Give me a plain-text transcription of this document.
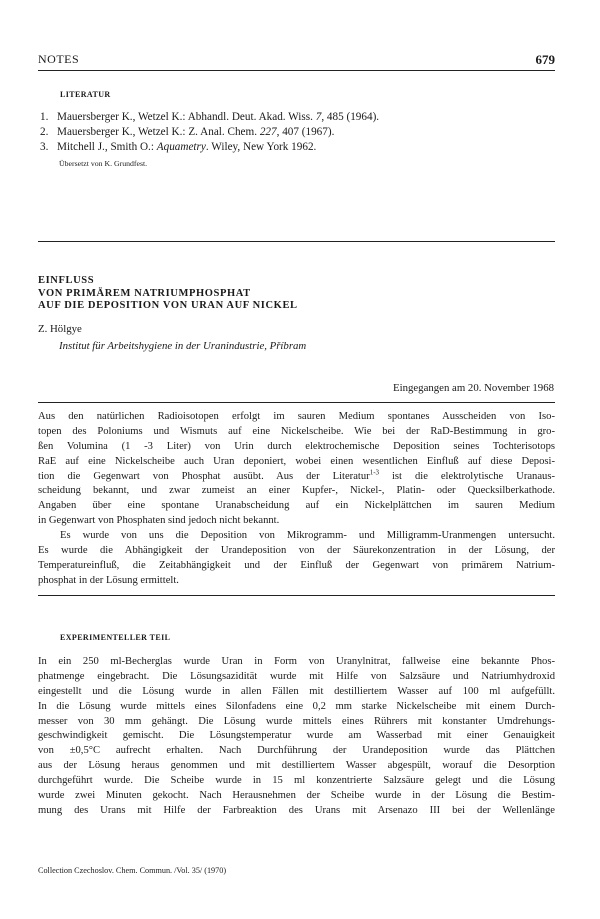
NOTES	679
LITERATUR
1. Mauersberger K., Wetzel K.: Abhandl. Deut. Akad. Wiss. 7, 485 (1964).
2. Mauersberger K., Wetzel K.: Z. Anal. Chem. 227, 407 (1967).
3. Mitchell J., Smith O.: Aquametry. Wiley, New York 1962.
Übersetzt von K. Grundfest.
EINFLUSS
VON PRIMÄREM NATRIUMPHOSPHAT
AUF DIE DEPOSITION VON URAN AUF NICKEL
Z. Hölgye
Institut für Arbeitshygiene in der Uranindustrie, Příbram
Eingegangen am 20. November 1968
Aus den natürlichen Radioisotopen erfolgt im sauren Medium spontanes Ausscheiden von Iso-
topen des Poloniums und Wismuts auf eine Nickelscheibe. Wie bei der RaD-Bestimmung in gro-
ßen Volumina (1 -3 Liter) von Urin durch elektrochemische Deposition seines Tochterisotops
RaE auf eine Nickelscheibe auch Uran deponiert, wobei einen wesentlichen Einfluß auf diese Deposi-
tion die Gegenwart von Phosphat ausübt. Aus der Literatur$^{1-3}$ ist die elektrolytische Uranaus-
scheidung bekannt, und zwar zumeist an einer Kupfer-, Nickel-, Platin- oder Quecksilberkathode.
Angaben über eine spontane Uranabscheidung auf ein Nickelplättchen im sauren Medium
in Gegenwart von Phosphaten sind jedoch nicht bekannt.
Es wurde von uns die Deposition von Mikrogramm- und Milligramm-Uranmengen untersucht.
Es wurde die Abhängigkeit der Urandeposition von der Säurekonzentration in der Lösung, der
Temperatureinfluß, die Zeitabhängigkeit und der Einfluß der Gegenwart von primärem Natrium-
phosphat in der Lösung ermittelt.
EXPERIMENTELLER TEIL
In ein 250 ml-Becherglas wurde Uran in Form von Uranylnitrat, fallweise eine bekannte Phos-
phatmenge eingebracht. Die Lösungsazidität wurde mit Hilfe von Salzsäure und Natriumhydroxid
eingestellt und die Lösung wurde in allen Fällen mit destilliertem Wasser auf 100 ml aufgefüllt.
In die Lösung wurde mittels eines Silonfadens eine 0,2 mm starke Nickelscheibe mit einem Durch-
messer von 30 mm gehängt. Die Lösung wurde mittels eines Rührers mit konstanter Umdrehungs-
geschwindigkeit gemischt. Die Lösungstemperatur wurde am Wasserbad mit einer Genauigkeit
von ±0,5°C aufrecht erhalten. Nach Durchführung der Urandeposition wurde das Plättchen
aus der Lösung heraus genommen und mit destilliertem Wasser abgespült, worauf die Desorption
durchgeführt wurde. Die Scheibe wurde in 15 ml konzentrierte Salzsäure gelegt und die Lösung
wurde zwei Minuten gekocht. Nach Herausnehmen der Scheibe wurde in der Lösung die Bestim-
mung des Urans mit Hilfe der Farbreaktion des Urans mit Arsenazo III bei der Wellenlänge
Collection Czechoslov. Chem. Commun. /Vol. 35/ (1970)
